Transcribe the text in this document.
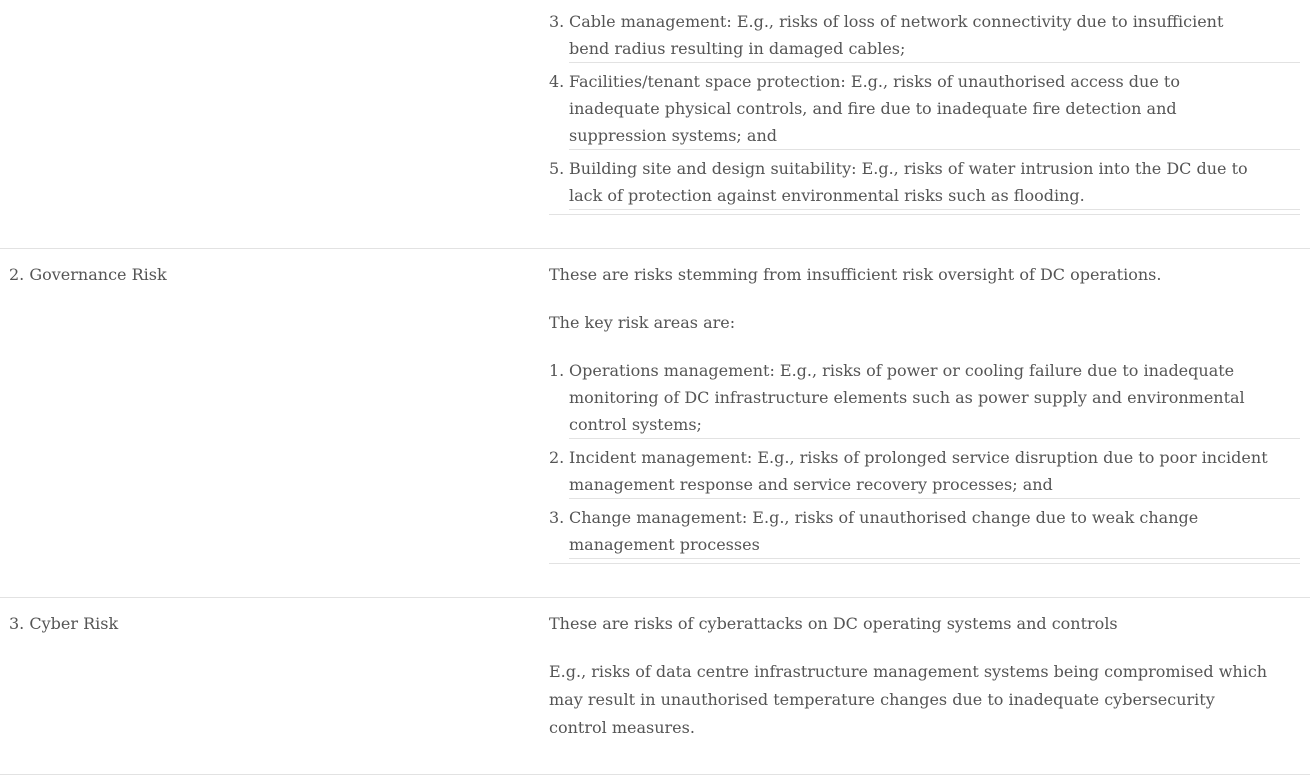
3. Cable management: E.g., risks of loss of network connectivity due to insufficient
bend radius resulting in damaged cables;
4. Facilities/tenant space protection: E.g., risks of unauthorised access due to
inadequate physical controls, and fire due to inadequate fire detection and
suppression systems; and
5. Building site and design suitability: E.g., risks of water intrusion into the DC due to
lack of protection against environmental risks such as flooding.
2. Governance Risk	These are risks stemming from insufficient risk oversight of DC operations.
The key risk areas are:
1. Operations management: E.g., risks of power or cooling failure due to inadequate
monitoring of DC infrastructure elements such as power supply and environmental
control systems;
2. Incident management: E.g., risks of prolonged service disruption due to poor incident
management response and service recovery processes; and
3. Change management: E.g., risks of unauthorised change due to weak change
management processes
3. Cyber Risk	These are risks of cyberattacks on DC operating systems and controls
E.g., risks of data centre infrastructure management systems being compromised which
may result in unauthorised temperature changes due to inadequate cybersecurity
control measures.
